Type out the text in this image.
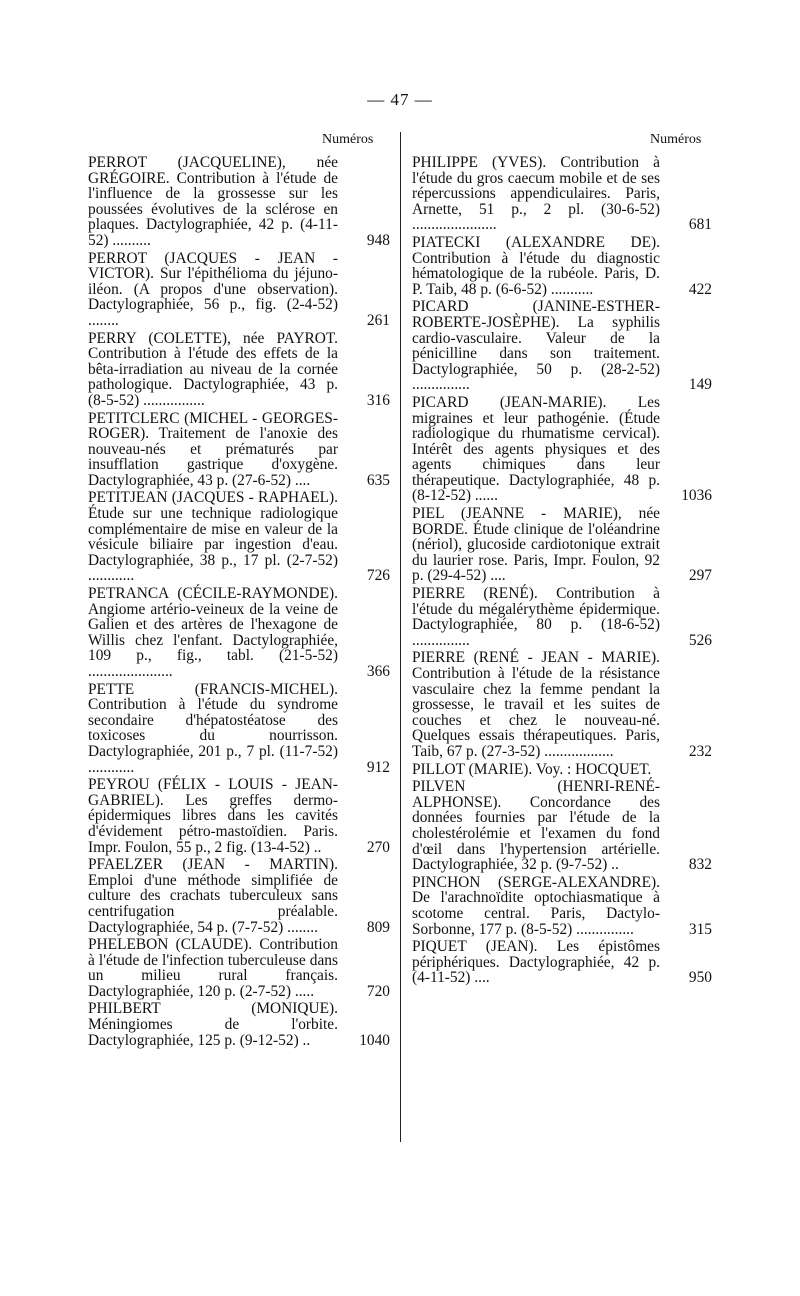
— 47 —
Numéros	Numéros
PERROT (JACQUELINE), née GRÉGOIRE. Contribution à l'étude de l'influence de la grossesse sur les poussées évolutives de la sclérose en plaques. Dactylographiée, 42 p. (4-11-52) ..........	948
PERROT (JACQUES - JEAN - VICTOR). Sur l'épithélioma du jéjuno-iléon. (A propos d'une observation). Dactylographiée, 56 p., fig. (2-4-52) ........	261
PERRY (COLETTE), née PAYROT. Contribution à l'étude des effets de la bêta-irradiation au niveau de la cornée pathologique. Dactylographiée, 43 p. (8-5-52) ................	316
PETITCLERC (MICHEL - GEORGES-ROGER). Traitement de l'anoxie des nouveau-nés et prématurés par insufflation gastrique d'oxygène. Dactylographiée, 43 p. (27-6-52) ....	635
PETITJEAN (JACQUES - RAPHAEL). Étude sur une technique radiologique complémentaire de mise en valeur de la vésicule biliaire par ingestion d'eau. Dactylographiée, 38 p., 17 pl. (2-7-52) ............	726
PETRANCA (CÉCILE-RAYMONDE). Angiome artério-veineux de la veine de Galien et des artères de l'hexagone de Willis chez l'enfant. Dactylographiée, 109 p., fig., tabl. (21-5-52) ......................	366
PETTE (FRANCIS-MICHEL). Contribution à l'étude du syndrome secondaire d'hépatostéatose des toxicoses du nourrisson. Dactylographiée, 201 p., 7 pl. (11-7-52) ............	912
PEYROU (FÉLIX - LOUIS - JEAN-GABRIEL). Les greffes dermo-épidermiques libres dans les cavités d'évidement pétro-mastoïdien. Paris. Impr. Foulon, 55 p., 2 fig. (13-4-52) ..	270
PFAELZER (JEAN - MARTIN). Emploi d'une méthode simplifiée de culture des crachats tuberculeux sans centrifugation préalable. Dactylographiée, 54 p. (7-7-52) ........	809
PHELEBON (CLAUDE). Contribution à l'étude de l'infection tuberculeuse dans un milieu rural français. Dactylographiée, 120 p. (2-7-52) .....	720
PHILBERT (MONIQUE). Méningiomes de l'orbite. Dactylographiée, 125 p. (9-12-52) ..	1040
PHILIPPE (YVES). Contribution à l'étude du gros caecum mobile et de ses répercussions appendiculaires. Paris, Arnette, 51 p., 2 pl. (30-6-52) ......................	681
PIATECKI (ALEXANDRE DE). Contribution à l'étude du diagnostic hématologique de la rubéole. Paris, D. P. Taib, 48 p. (6-6-52) ...........	422
PICARD (JANINE-ESTHER-ROBERTE-JOSÈPHE). La syphilis cardio-vasculaire. Valeur de la pénicilline dans son traitement. Dactylographiée, 50 p. (28-2-52) ...............	149
PICARD (JEAN-MARIE). Les migraines et leur pathogénie. (Étude radiologique du rhumatisme cervical). Intérêt des agents physiques et des agents chimiques dans leur thérapeutique. Dactylographiée, 48 p. (8-12-52) ......	1036
PIEL (JEANNE - MARIE), née BORDE. Étude clinique de l'oléandrine (nériol), glucoside cardiotonique extrait du laurier rose. Paris, Impr. Foulon, 92 p. (29-4-52) ....	297
PIERRE (RENÉ). Contribution à l'étude du mégalérythème épidermique. Dactylographiée, 80 p. (18-6-52) ...............	526
PIERRE (RENÉ - JEAN - MARIE). Contribution à l'étude de la résistance vasculaire chez la femme pendant la grossesse, le travail et les suites de couches et chez le nouveau-né. Quelques essais thérapeutiques. Paris, Taib, 67 p. (27-3-52) ..................	232
PILLOT (MARIE). Voy. : HOCQUET.
PILVEN (HENRI-RENÉ-ALPHONSE). Concordance des données fournies par l'étude de la cholestérolémie et l'examen du fond d'œil dans l'hypertension artérielle. Dactylographiée, 32 p. (9-7-52) ..	832
PINCHON (SERGE-ALEXANDRE). De l'arachnoïdite optochiasmatique à scotome central. Paris, Dactylo-Sorbonne, 177 p. (8-5-52) ...............	315
PIQUET (JEAN). Les épistômes périphériques. Dactylographiée, 42 p. (4-11-52) ....	950
